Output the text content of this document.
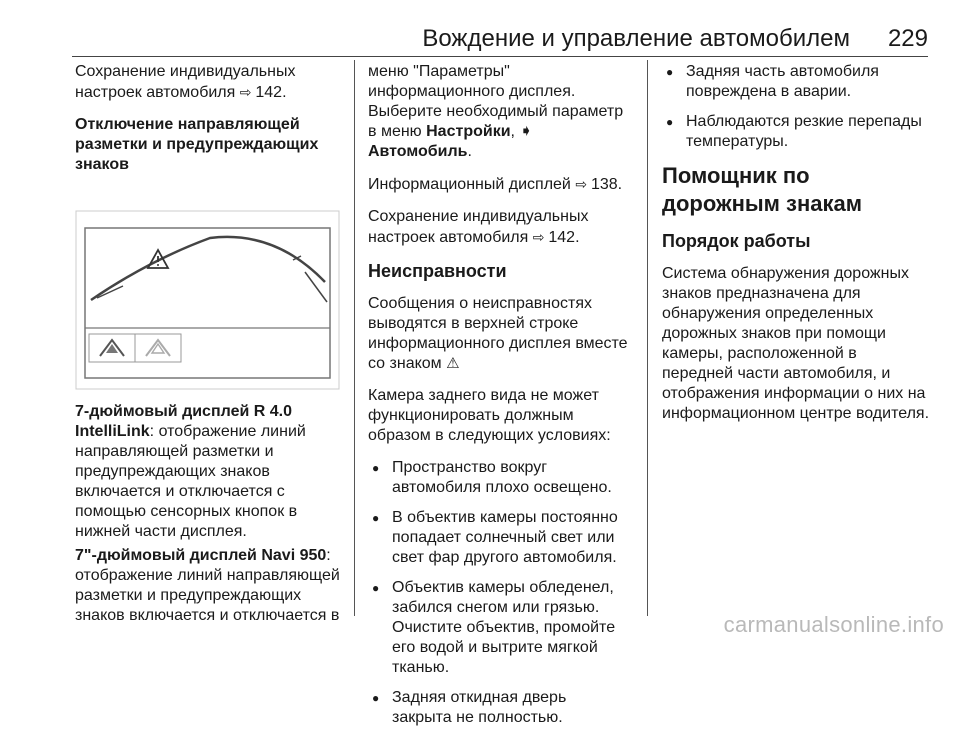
Вождение и управление автомобилем 229

Сохранение индивидуальных настроек автомобиля ⇨ 142.

Отключение направляющей разметки и предупреждающих знаков

7-дюймовый дисплей R 4.0 IntelliLink: отображение линий направляющей разметки и предупреждающих знаков включается и отключается с помощью сенсорных кнопок в нижней части дисплея.

7"-дюймовый дисплей Navi 950: отображение линий направляющей разметки и предупреждающих знаков включается и отключается в

меню "Параметры" информационного дисплея. Выберите необходимый параметр в меню Настройки, ➧ Автомобиль.

Информационный дисплей ⇨ 138.

Сохранение индивидуальных настроек автомобиля ⇨ 142.

Неисправности

Сообщения о неисправностях выводятся в верхней строке информационного дисплея вместе со знаком ⚠

Камера заднего вида не может функционировать должным образом в следующих условиях:

● Пространство вокруг автомобиля плохо освещено.
● В объектив камеры постоянно попадает солнечный свет или свет фар другого автомобиля.
● Объектив камеры обледенел, забился снегом или грязью. Очистите объектив, промойте его водой и вытрите мягкой тканью.
● Задняя откидная дверь закрыта не полностью.
● Задняя часть автомобиля повреждена в аварии.
● Наблюдаются резкие перепады температуры.

Помощник по дорожным знакам

Порядок работы

Система обнаружения дорожных знаков предназначена для обнаружения определенных дорожных знаков при помощи камеры, расположенной в передней части автомобиля, и отображения информации о них на информационном центре водителя.

carmanualsonline.info
